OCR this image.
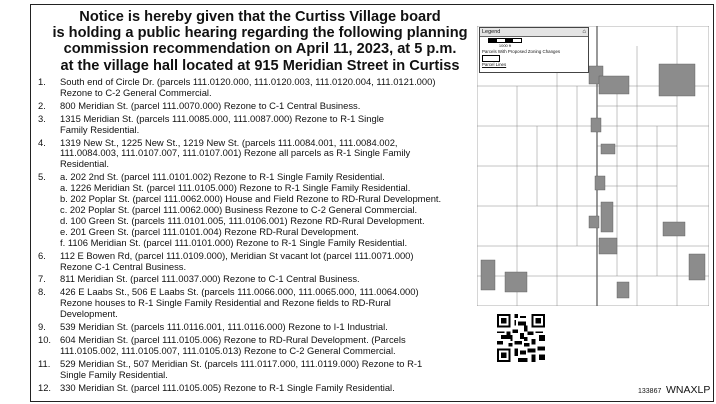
Notice is hereby given that the Curtiss Village board
is holding a public hearing regarding the following planning
commission recommendation on April 11, 2023, at 5 p.m.
at the village hall located at 915 Meridian Street in Curtiss
1.	South end of Circle Dr. (parcels 111.0120.000, 111.0120.003, 111.0120.004, 111.0121.000)
Rezone to C-2 General Commercial.
2.	800 Meridian St. (parcel 111.0070.000) Rezone to C-1 Central Business.
3.	1315 Meridian St. (parcels 111.0085.000, 111.0087.000) Rezone to R-1 Single
Family Residential.
4.	1319 New St., 1225 New St., 1219 New St. (parcels 111.0084.001, 111.0084.002,
111.0084.003, 111.0107.007, 111.0107.001) Rezone all parcels as R-1 Single Family
Residential.
5.	a. 202 2nd St. (parcel 111.0101.002) Rezone to R-1 Single Family Residential.
a. 1226 Meridian St. (parcel 111.0105.000) Rezone to R-1 Single Family Residential.
b. 202 Poplar St. (parcel 111.0062.000) House and Field Rezone to RD-Rural Development.
c. 202 Poplar St. (parcel 111.0062.000) Business Rezone to C-2 General Commercial.
d. 100 Green St. (parcels 111.0101.005, 111.0106.001) Rezone RD-Rural Development.
e. 201 Green St. (parcel 111.0101.004) Rezone RD-Rural Development.
f. 1106 Meridian St. (parcel 111.0101.000) Rezone to R-1 Single Family Residential.
6.	112 E Bowen Rd, (parcel 111.0109.000), Meridian St vacant lot (parcel 111.0071.000)
Rezone C-1 Central Business.
7.	811 Meridian St. (parcel 111.0037.000) Rezone to C-1 Central Business.
8.	426 E Laabs St., 506 E Laabs St. (parcels 111.0066.000, 111.0065.000, 111.0064.000)
Rezone houses to R-1 Single Family Residential and Rezone fields to RD-Rural
Development.
9.	539 Meridian St. (parcels 111.0116.001, 111.0116.000) Rezone to I-1 Industrial.
10. 604 Meridian St. (parcel 111.0105.006) Rezone to RD-Rural Development. (Parcels
111.0105.002, 111.0105.007, 111.0105.013) Rezone to C-2 General Commercial.
11.	529 Meridian St., 507 Meridian St. (parcels 111.0117.000, 111.0119.000) Rezone to R-1
Single Family Residential.
12. 330 Meridian St. (parcel 111.0105.005) Rezone to R-1 Single Family Residential.
Legend	⌂
1000 ft
Parcels With Proposed Zoning Changes
Parcel Lines
133867 WNAXLP
